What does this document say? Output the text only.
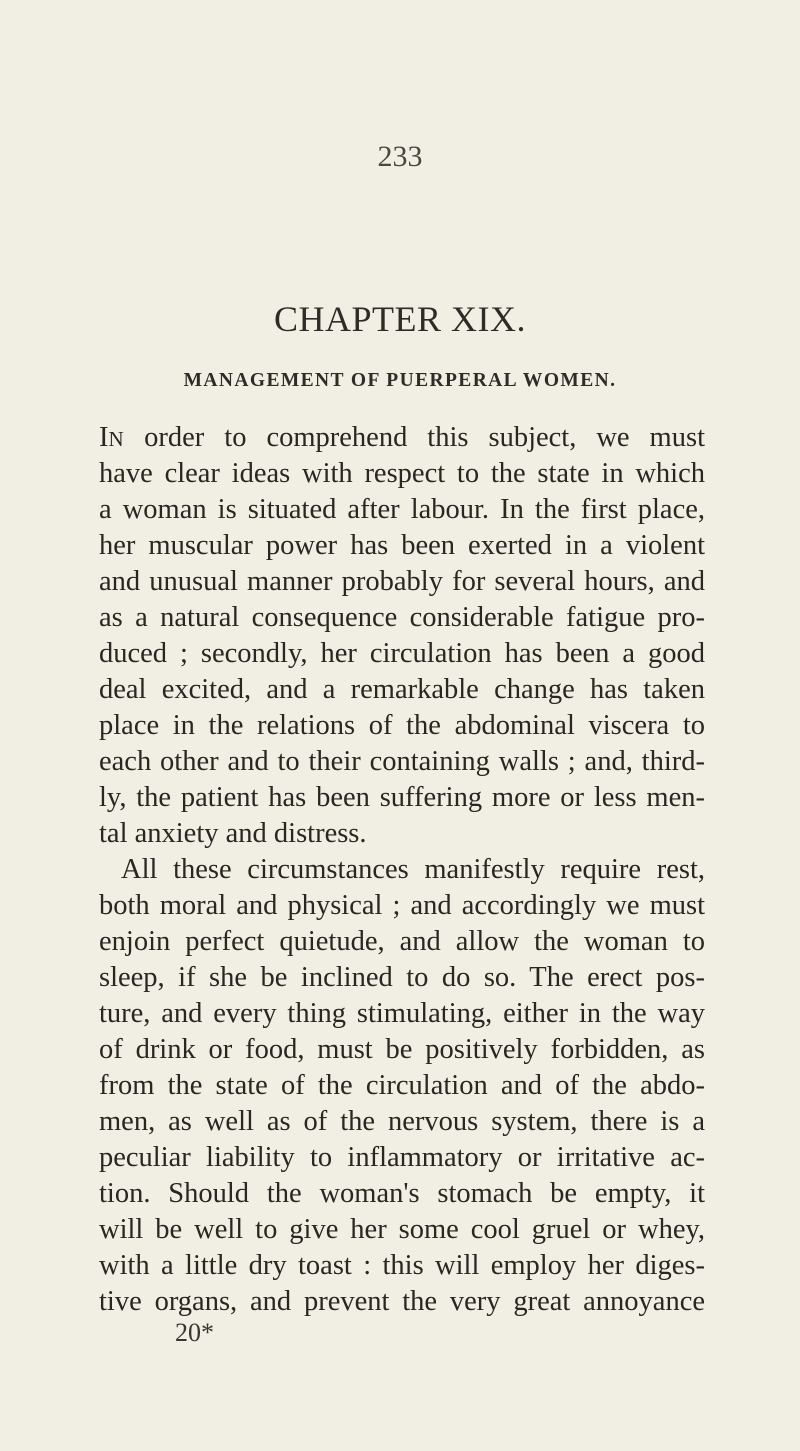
233
CHAPTER XIX.
MANAGEMENT OF PUERPERAL WOMEN.
IN order to comprehend this subject, we must
have clear ideas with respect to the state in which
a woman is situated after labour. In the first place,
her muscular power has been exerted in a violent
and unusual manner probably for several hours, and
as a natural consequence considerable fatigue pro-
duced ; secondly, her circulation has been a good
deal excited, and a remarkable change has taken
place in the relations of the abdominal viscera to
each other and to their containing walls ; and, third-
ly, the patient has been suffering more or less men-
tal anxiety and distress.
All these circumstances manifestly require rest,
both moral and physical ; and accordingly we must
enjoin perfect quietude, and allow the woman to
sleep, if she be inclined to do so. The erect pos-
ture, and every thing stimulating, either in the way
of drink or food, must be positively forbidden, as
from the state of the circulation and of the abdo-
men, as well as of the nervous system, there is a
peculiar liability to inflammatory or irritative ac-
tion. Should the woman's stomach be empty, it
will be well to give her some cool gruel or whey,
with a little dry toast : this will employ her diges-
tive organs, and prevent the very great annoyance
20*
